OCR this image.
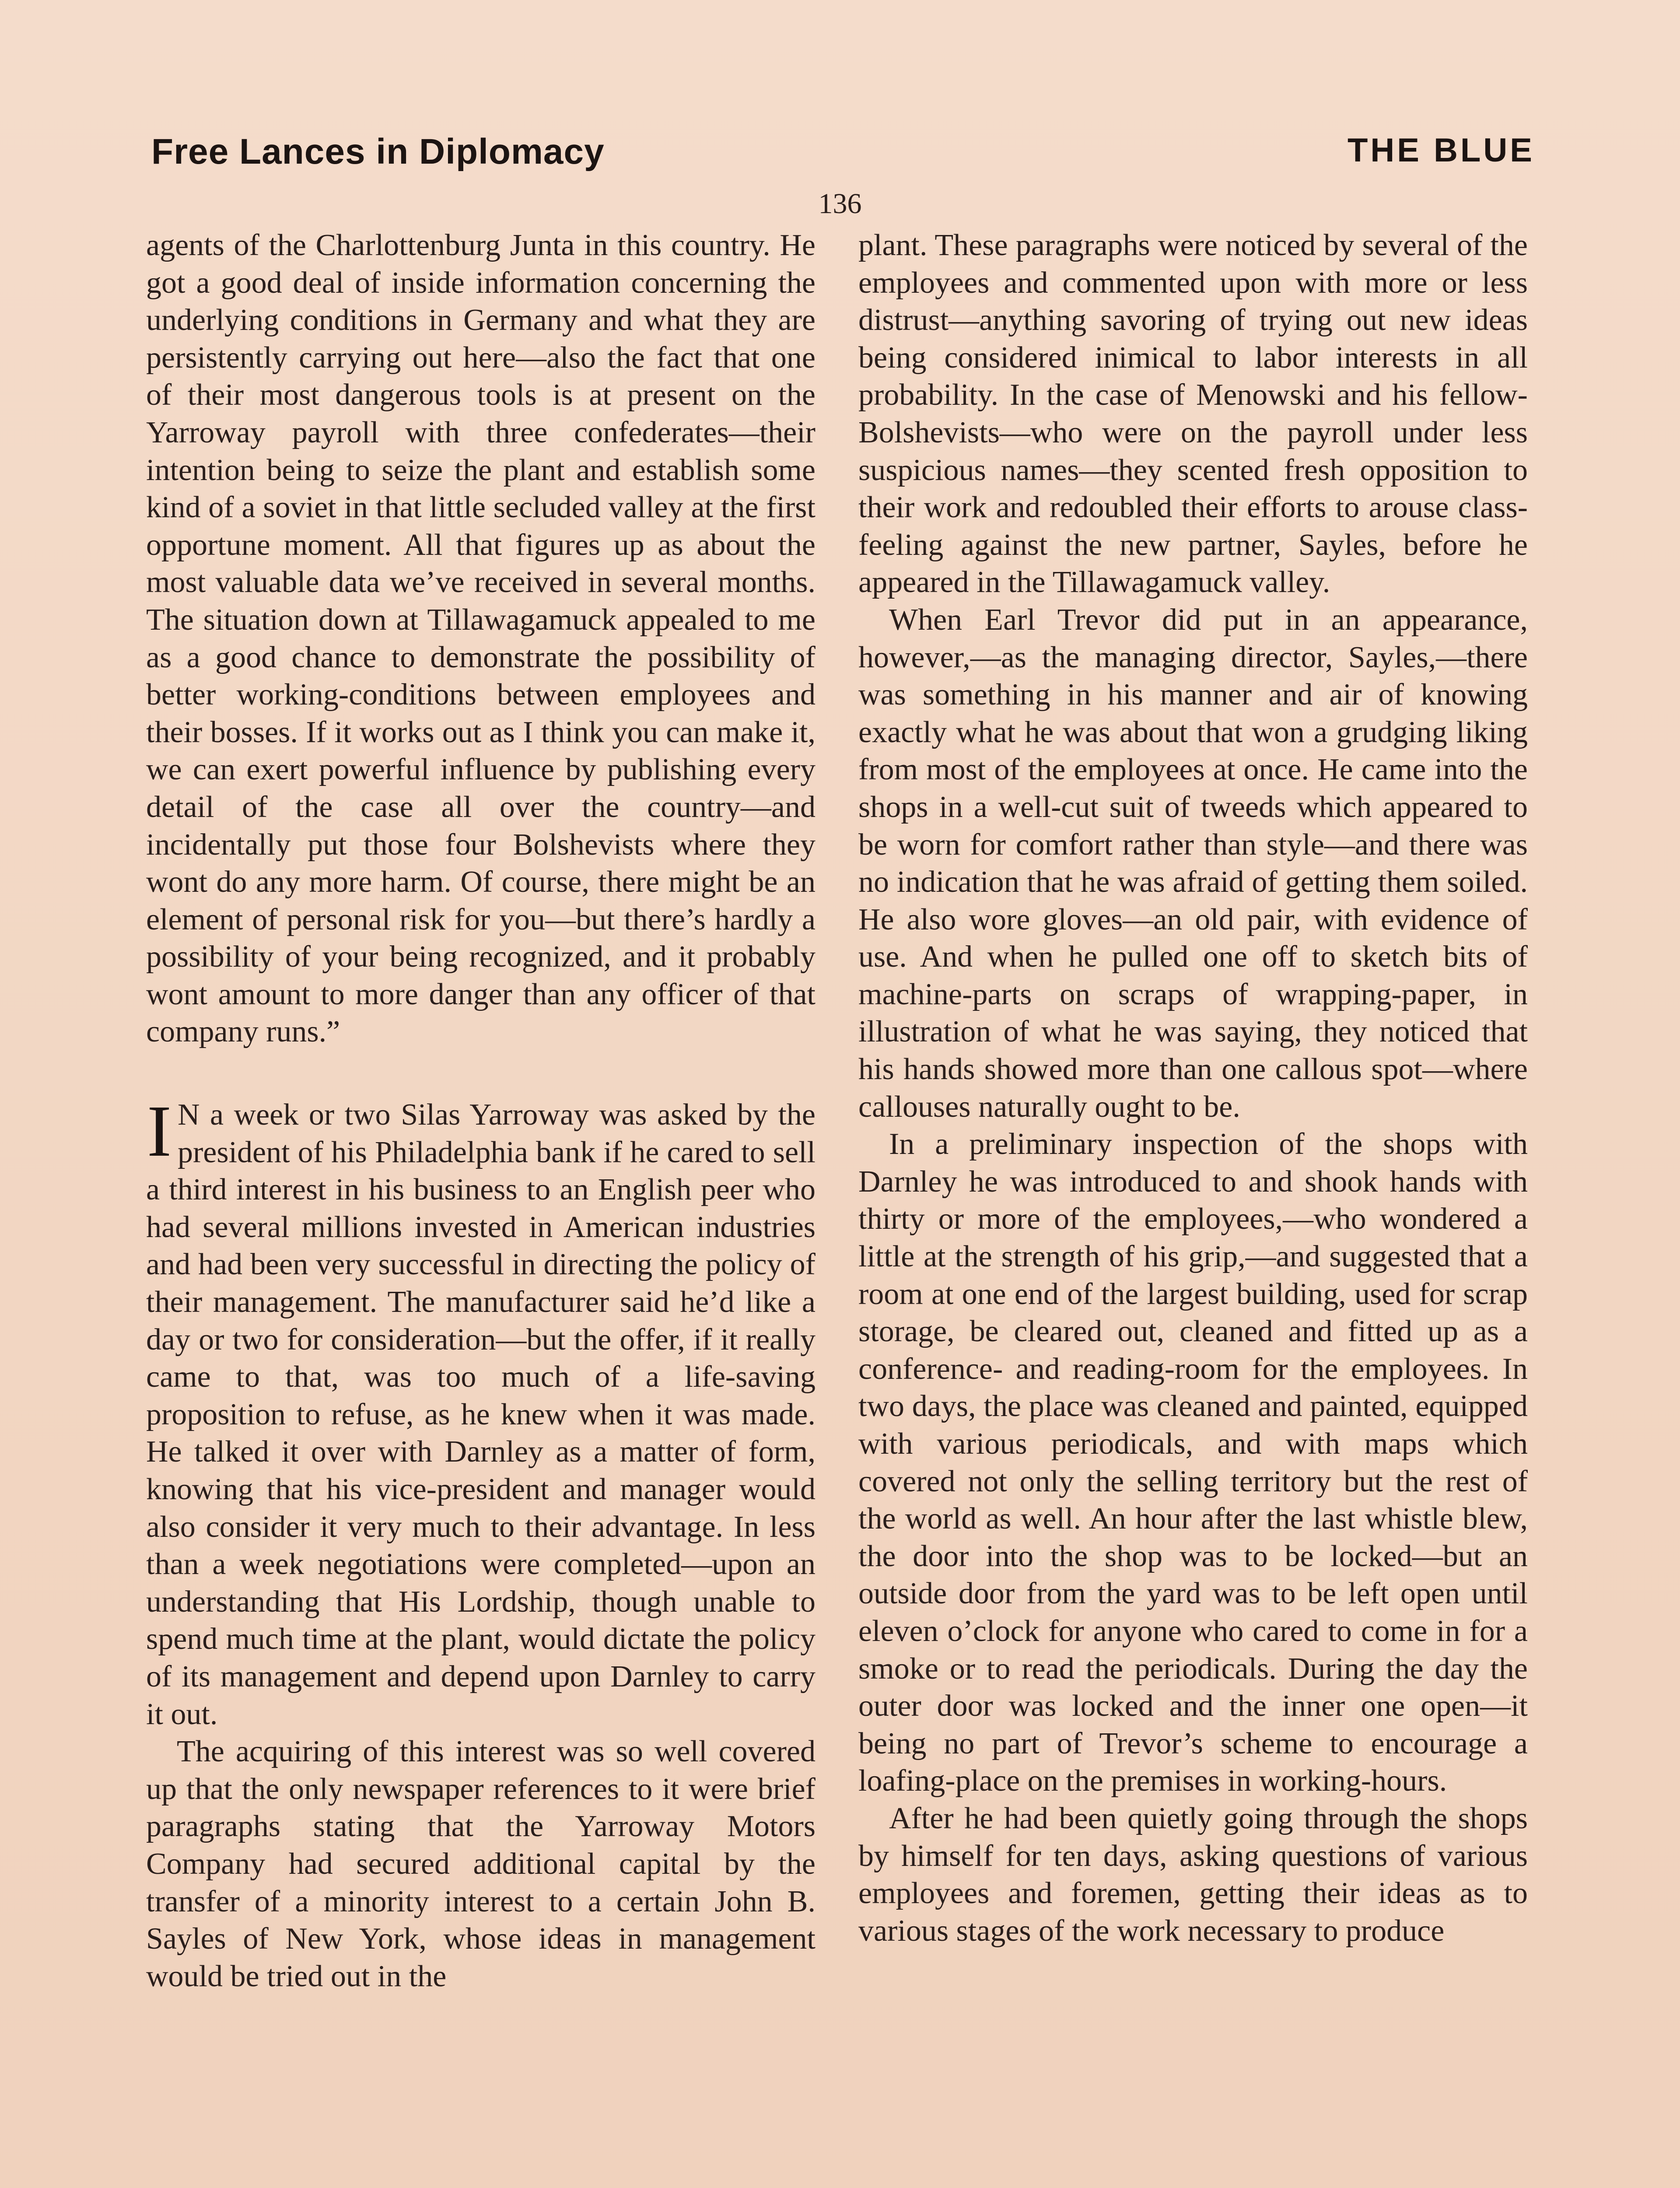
Free Lances in Diplomacy	THE BLUE
136

agents of the Charlottenburg Junta in this country. He got a good deal of inside information concerning the underlying conditions in Germany and what they are persistently carrying out here—also the fact that one of their most dangerous tools is at present on the Yarroway payroll with three confederates—their intention being to seize the plant and establish some kind of a soviet in that little secluded valley at the first opportune moment. All that figures up as about the most valuable data we’ve received in several months. The situation down at Tillawagamuck appealed to me as a good chance to demonstrate the possibility of better working-conditions between employees and their bosses. If it works out as I think you can make it, we can exert powerful influence by publishing every detail of the case all over the country—and incidentally put those four Bolshevists where they wont do any more harm. Of course, there might be an element of personal risk for you—but there’s hardly a possibility of your being recognized, and it probably wont amount to more danger than any officer of that company runs.”

I N a week or two Silas Yarroway was asked by the president of his Philadelphia bank if he cared to sell a third interest in his business to an English peer who had several millions invested in American industries and had been very successful in directing the policy of their management. The manufacturer said he’d like a day or two for consideration—but the offer, if it really came to that, was too much of a life-saving proposition to refuse, as he knew when it was made. He talked it over with Darnley as a matter of form, knowing that his vice-president and manager would also consider it very much to their advantage. In less than a week negotiations were completed—upon an understanding that His Lordship, though unable to spend much time at the plant, would dictate the policy of its management and depend upon Darnley to carry it out.

The acquiring of this interest was so well covered up that the only newspaper references to it were brief paragraphs stating that the Yarroway Motors Company had secured additional capital by the transfer of a minority interest to a certain John B. Sayles of New York, whose ideas in management would be tried out in the

plant. These paragraphs were noticed by several of the employees and commented upon with more or less distrust—anything savoring of trying out new ideas being considered inimical to labor interests in all probability. In the case of Menowski and his fellow-Bolshevists—who were on the payroll under less suspicious names—they scented fresh opposition to their work and redoubled their efforts to arouse class-feeling against the new partner, Sayles, before he appeared in the Tillawagamuck valley.

When Earl Trevor did put in an appearance, however,—as the managing director, Sayles,—there was something in his manner and air of knowing exactly what he was about that won a grudging liking from most of the employees at once. He came into the shops in a well-cut suit of tweeds which appeared to be worn for comfort rather than style—and there was no indication that he was afraid of getting them soiled. He also wore gloves—an old pair, with evidence of use. And when he pulled one off to sketch bits of machine-parts on scraps of wrapping-paper, in illustration of what he was saying, they noticed that his hands showed more than one callous spot—where callouses naturally ought to be.

In a preliminary inspection of the shops with Darnley he was introduced to and shook hands with thirty or more of the employees,—who wondered a little at the strength of his grip,—and suggested that a room at one end of the largest building, used for scrap storage, be cleared out, cleaned and fitted up as a conference- and reading-room for the employees. In two days, the place was cleaned and painted, equipped with various periodicals, and with maps which covered not only the selling territory but the rest of the world as well. An hour after the last whistle blew, the door into the shop was to be locked—but an outside door from the yard was to be left open until eleven o’clock for anyone who cared to come in for a smoke or to read the periodicals. During the day the outer door was locked and the inner one open—it being no part of Trevor’s scheme to encourage a loafing-place on the premises in working-hours.

After he had been quietly going through the shops by himself for ten days, asking questions of various employees and foremen, getting their ideas as to various stages of the work necessary to produce
